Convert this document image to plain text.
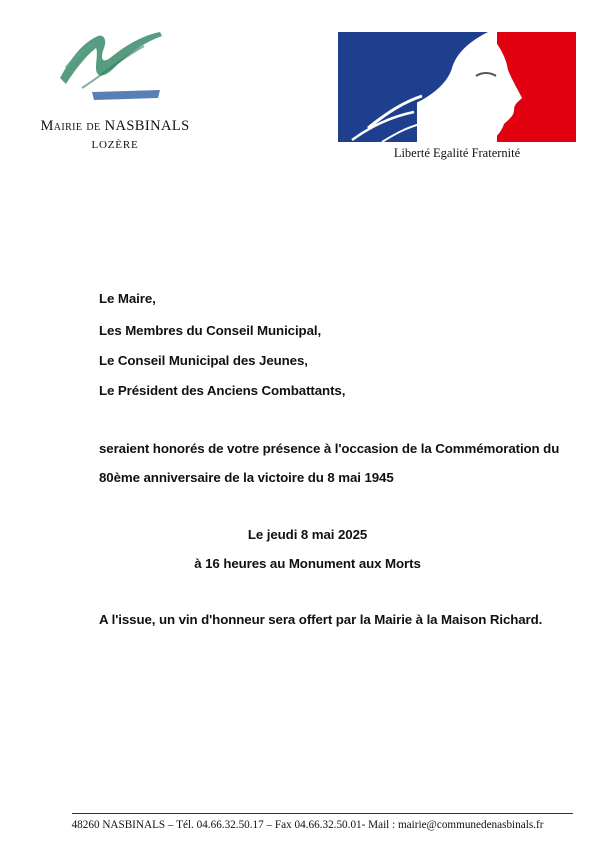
Mairie de NASBINALS
LOZÈRE
Liberté Egalité Fraternité
Le Maire,
Les Membres du Conseil Municipal,
Le Conseil Municipal des Jeunes,
Le Président des Anciens Combattants,
seraient honorés de votre présence à l'occasion de la Commémoration du
80ème anniversaire de la victoire du 8 mai 1945
Le jeudi 8 mai 2025
à 16 heures au Monument aux Morts
A l'issue, un vin d'honneur sera offert par la Mairie à la Maison Richard.
48260 NASBINALS – Tél. 04.66.32.50.17 – Fax 04.66.32.50.01- Mail : mairie@communedenasbinals.fr
